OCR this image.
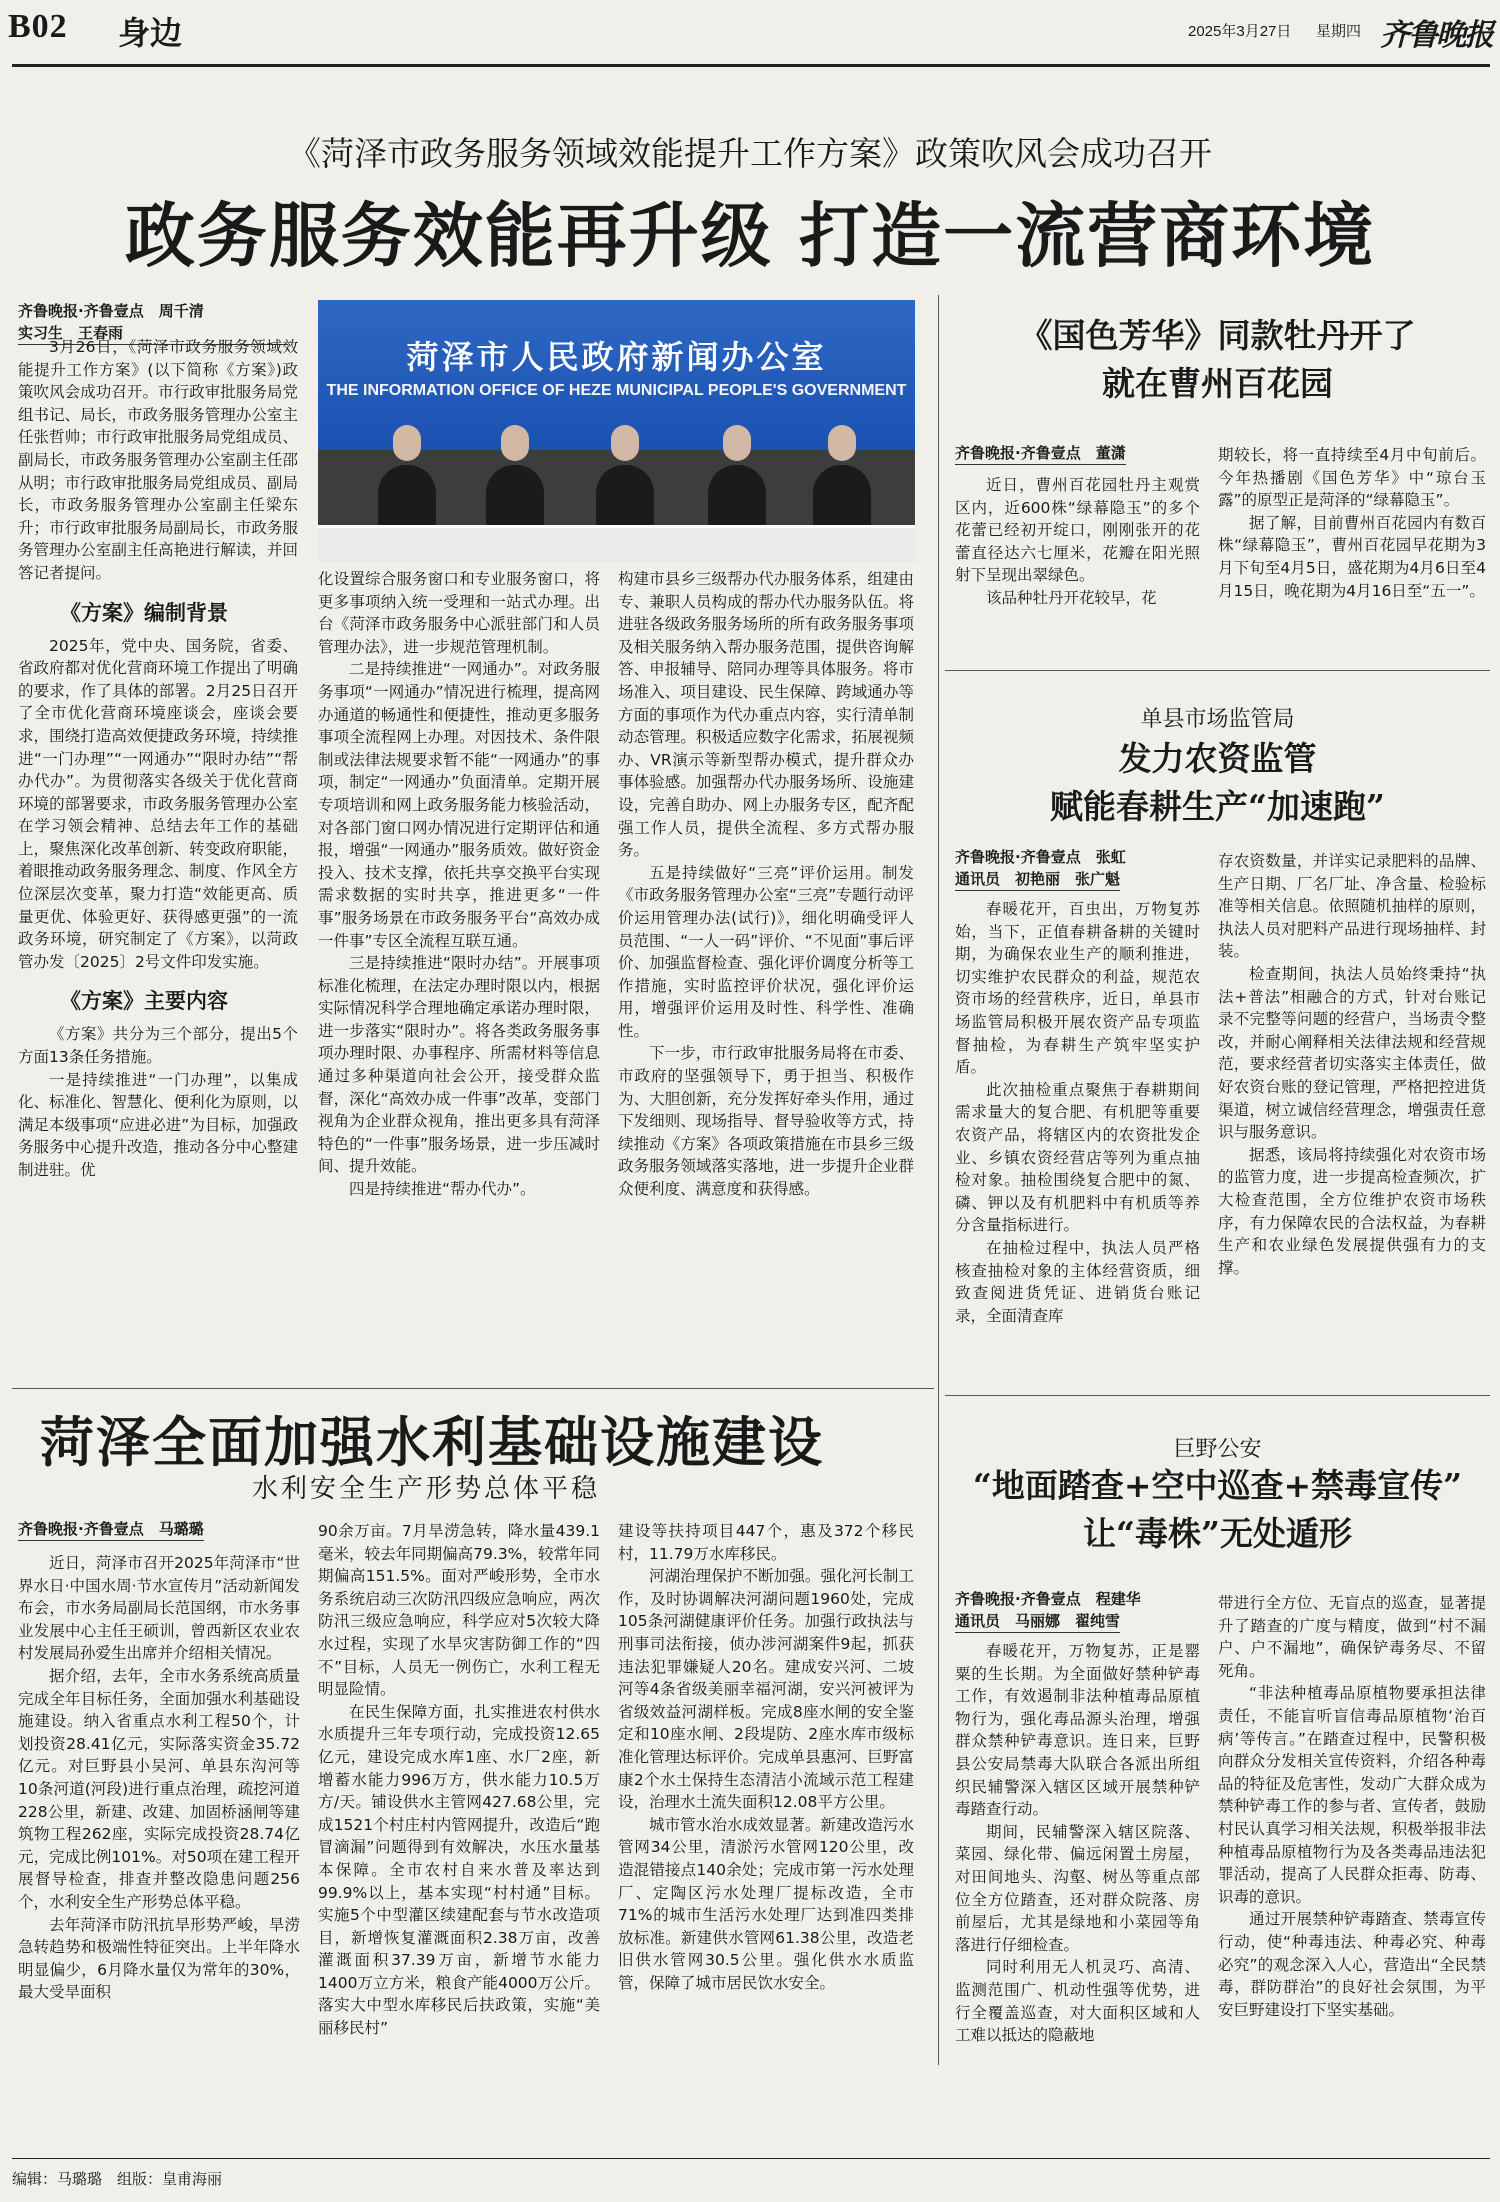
B02 身边	2025年3月27日 星期四 齐鲁晚报
《菏泽市政务服务领域效能提升工作方案》政策吹风会成功召开
政务服务效能再升级 打造一流营商环境
齐鲁晚报·齐鲁壹点　周千清
实习生　王春雨

3月26日，《菏泽市政务服务领域效能提升工作方案》(以下简称《方案》)政策吹风会成功召开。市行政审批服务局党组书记、局长，市政务服务管理办公室主任张哲帅；市行政审批服务局党组成员、副局长，市政务服务管理办公室副主任邵从明；市行政审批服务局党组成员、副局长，市政务服务管理办公室副主任梁东升；市行政审批服务局副局长，市政务服务管理办公室副主任高艳进行解读，并回答记者提问。

《方案》编制背景

2025年，党中央、国务院，省委、省政府都对优化营商环境工作提出了明确的要求，作了具体的部署。2月25日召开了全市优化营商环境座谈会，座谈会要求，围绕打造高效便捷政务环境，持续推进“一门办理”“一网通办”“限时办结”“帮办代办”。为贯彻落实各级关于优化营商环境的部署要求，市政务服务管理办公室在学习领会精神、总结去年工作的基础上，聚焦深化改革创新、转变政府职能，着眼推动政务服务理念、制度、作风全方位深层次变革，聚力打造“效能更高、质量更优、体验更好、获得感更强”的一流政务环境，研究制定了《方案》，以菏政管办发〔2025〕2号文件印发实施。

《方案》主要内容

《方案》共分为三个部分，提出5个方面13条任务措施。

一是持续推进“一门办理”，以集成化、标准化、智慧化、便利化为原则，以满足本级事项“应进必进”为目标，加强政务服务中心提升改造，推动各分中心整建制进驻。优

菏泽市人民政府新闻办公室
THE INFORMATION OFFICE OF HEZE MUNICIPAL PEOPLE'S GOVERNMENT

化设置综合服务窗口和专业服务窗口，将更多事项纳入统一受理和一站式办理。出台《菏泽市政务服务中心派驻部门和人员管理办法》，进一步规范管理机制。

二是持续推进“一网通办”。对政务服务事项“一网通办”情况进行梳理，提高网办通道的畅通性和便捷性，推动更多服务事项全流程网上办理。对因技术、条件限制或法律法规要求暂不能“一网通办”的事项，制定“一网通办”负面清单。定期开展专项培训和网上政务服务能力核验活动，对各部门窗口网办情况进行定期评估和通报，增强“一网通办”服务质效。做好资金投入、技术支撑，依托共享交换平台实现需求数据的实时共享，推进更多“一件事”服务场景在市政务服务平台“高效办成一件事”专区全流程互联互通。

三是持续推进“限时办结”。开展事项标准化梳理，在法定办理时限以内，根据实际情况科学合理地确定承诺办理时限，进一步落实“限时办”。将各类政务服务事项办理时限、办事程序、所需材料等信息通过多种渠道向社会公开，接受群众监督，深化“高效办成一件事”改革，变部门视角为企业群众视角，推出更多具有菏泽特色的“一件事”服务场景，进一步压减时间、提升效能。

四是持续推进“帮办代办”。

构建市县乡三级帮办代办服务体系，组建由专、兼职人员构成的帮办代办服务队伍。将进驻各级政务服务场所的所有政务服务事项及相关服务纳入帮办服务范围，提供咨询解答、申报辅导、陪同办理等具体服务。将市场准入、项目建设、民生保障、跨域通办等方面的事项作为代办重点内容，实行清单制动态管理。积极适应数字化需求，拓展视频办、VR演示等新型帮办模式，提升群众办事体验感。加强帮办代办服务场所、设施建设，完善自助办、网上办服务专区，配齐配强工作人员，提供全流程、多方式帮办服务。

五是持续做好“三亮”评价运用。制发《市政务服务管理办公室“三亮”专题行动评价运用管理办法(试行)》，细化明确受评人员范围、“一人一码”评价、“不见面”事后评价、加强监督检查、强化评价调度分析等工作措施，实时监控评价状况，强化评价运用，增强评价运用及时性、科学性、准确性。

下一步，市行政审批服务局将在市委、市政府的坚强领导下，勇于担当、积极作为、大胆创新，充分发挥好牵头作用，通过下发细则、现场指导、督导验收等方式，持续推动《方案》各项政策措施在市县乡三级政务服务领域落实落地，进一步提升企业群众便利度、满意度和获得感。

《国色芳华》同款牡丹开了
就在曹州百花园
齐鲁晚报·齐鲁壹点　董潇

近日，曹州百花园牡丹主观赏区内，近600株“绿幕隐玉”的多个花蕾已经初开绽口，刚刚张开的花蕾直径达六七厘米，花瓣在阳光照射下呈现出翠绿色。

该品种牡丹开花较早，花

期较长，将一直持续至4月中旬前后。今年热播剧《国色芳华》中“琼台玉露”的原型正是菏泽的“绿幕隐玉”。

据了解，目前曹州百花园内有数百株“绿幕隐玉”，曹州百花园早花期为3月下旬至4月5日，盛花期为4月6日至4月15日，晚花期为4月16日至“五一”。

单县市场监管局
发力农资监管
赋能春耕生产“加速跑”
齐鲁晚报·齐鲁壹点　张虹
通讯员　初艳丽　张广魁

春暖花开，百虫出，万物复苏始，当下，正值春耕备耕的关键时期，为确保农业生产的顺利推进，切实维护农民群众的利益，规范农资市场的经营秩序，近日，单县市场监管局积极开展农资产品专项监督抽检，为春耕生产筑牢坚实护盾。

此次抽检重点聚焦于春耕期间需求量大的复合肥、有机肥等重要农资产品，将辖区内的农资批发企业、乡镇农资经营店等列为重点抽检对象。抽检围绕复合肥中的氮、磷、钾以及有机肥料中有机质等养分含量指标进行。

在抽检过程中，执法人员严格核查抽检对象的主体经营资质，细致查阅进货凭证、进销货台账记录，全面清查库

存农资数量，并详实记录肥料的品牌、生产日期、厂名厂址、净含量、检验标准等相关信息。依照随机抽样的原则，执法人员对肥料产品进行现场抽样、封装。

检查期间，执法人员始终秉持“执法+普法”相融合的方式，针对台账记录不完整等问题的经营户，当场责令整改，并耐心阐释相关法律法规和经营规范，要求经营者切实落实主体责任，做好农资台账的登记管理，严格把控进货渠道，树立诚信经营理念，增强责任意识与服务意识。

据悉，该局将持续强化对农资市场的监管力度，进一步提高检查频次，扩大检查范围，全方位维护农资市场秩序，有力保障农民的合法权益，为春耕生产和农业绿色发展提供强有力的支撑。

菏泽全面加强水利基础设施建设
水利安全生产形势总体平稳
齐鲁晚报·齐鲁壹点　马璐璐

近日，菏泽市召开2025年菏泽市“世界水日·中国水周·节水宣传月”活动新闻发布会，市水务局副局长范国纲，市水务事业发展中心主任王硕训，曾西新区农业农村发展局孙爱生出席并介绍相关情况。

据介绍，去年，全市水务系统高质量完成全年目标任务，全面加强水利基础设施建设。纳入省重点水利工程50个，计划投资28.41亿元，实际落实资金35.72亿元。对巨野县小吴河、单县东沟河等10条河道(河段)进行重点治理，疏挖河道228公里，新建、改建、加固桥涵闸等建筑物工程262座，实际完成投资28.74亿元，完成比例101%。对50项在建工程开展督导检查，排查并整改隐患问题256个，水利安全生产形势总体平稳。

去年菏泽市防汛抗旱形势严峻，旱涝急转趋势和极端性特征突出。上半年降水明显偏少，6月降水量仅为常年的30%，最大受旱面积

90余万亩。7月旱涝急转，降水量439.1毫米，较去年同期偏高79.3%，较常年同期偏高151.5%。面对严峻形势，全市水务系统启动三次防汛四级应急响应，两次防汛三级应急响应，科学应对5次较大降水过程，实现了水旱灾害防御工作的“四不”目标，人员无一例伤亡，水利工程无明显险情。

在民生保障方面，扎实推进农村供水水质提升三年专项行动，完成投资12.65亿元，建设完成水库1座、水厂2座，新增蓄水能力996万方，供水能力10.5万方/天。铺设供水主管网427.68公里，完成1521个村庄村内管网提升，改造后“跑冒滴漏”问题得到有效解决，水压水量基本保障。全市农村自来水普及率达到99.9%以上，基本实现“村村通”目标。实施5个中型灌区续建配套与节水改造项目，新增恢复灌溉面积2.38万亩，改善灌溉面积37.39万亩，新增节水能力1400万立方米，粮食产能4000万公斤。落实大中型水库移民后扶政策，实施“美丽移民村”

建设等扶持项目447个，惠及372个移民村，11.79万水库移民。

河湖治理保护不断加强。强化河长制工作，及时协调解决河湖问题1960处，完成105条河湖健康评价任务。加强行政执法与刑事司法衔接，侦办涉河湖案件9起，抓获违法犯罪嫌疑人20名。建成安兴河、二坡河等4条省级美丽幸福河湖，安兴河被评为省级效益河湖样板。完成8座水闸的安全鉴定和10座水闸、2段堤防、2座水库市级标准化管理达标评价。完成单县惠河、巨野富康2个水土保持生态清洁小流域示范工程建设，治理水土流失面积12.08平方公里。

城市管水治水成效显著。新建改造污水管网34公里，清淤污水管网120公里，改造混错接点140余处；完成市第一污水处理厂、定陶区污水处理厂提标改造，全市71%的城市生活污水处理厂达到准四类排放标准。新建供水管网61.38公里，改造老旧供水管网30.5公里。强化供水水质监管，保障了城市居民饮水安全。

巨野公安
“地面踏查+空中巡查+禁毒宣传”
让“毒株”无处遁形
齐鲁晚报·齐鲁壹点　程建华
通讯员　马丽娜　翟纯雪

春暖花开，万物复苏，正是罂粟的生长期。为全面做好禁种铲毒工作，有效遏制非法种植毒品原植物行为，强化毒品源头治理，增强群众禁种铲毒意识。连日来，巨野县公安局禁毒大队联合各派出所组织民辅警深入辖区区域开展禁种铲毒踏查行动。

期间，民辅警深入辖区院落、菜园、绿化带、偏远闲置土房屋，对田间地头、沟壑、树丛等重点部位全方位踏查，还对群众院落、房前屋后，尤其是绿地和小菜园等角落进行仔细检查。

同时利用无人机灵巧、高清、监测范围广、机动性强等优势，进行全覆盖巡查，对大面积区域和人工难以抵达的隐蔽地

带进行全方位、无盲点的巡查，显著提升了踏查的广度与精度，做到“村不漏户、户不漏地”，确保铲毒务尽、不留死角。

“非法种植毒品原植物要承担法律责任，不能盲听盲信毒品原植物‘治百病’等传言。”在踏查过程中，民警积极向群众分发相关宣传资料，介绍各种毒品的特征及危害性，发动广大群众成为禁种铲毒工作的参与者、宣传者，鼓励村民认真学习相关法规，积极举报非法种植毒品原植物行为及各类毒品违法犯罪活动，提高了人民群众拒毒、防毒、识毒的意识。

通过开展禁种铲毒踏查、禁毒宣传行动，使“种毒违法、种毒必究、种毒必究”的观念深入人心，营造出“全民禁毒，群防群治”的良好社会氛围，为平安巨野建设打下坚实基础。

编辑：马璐璐　组版：皇甫海丽
